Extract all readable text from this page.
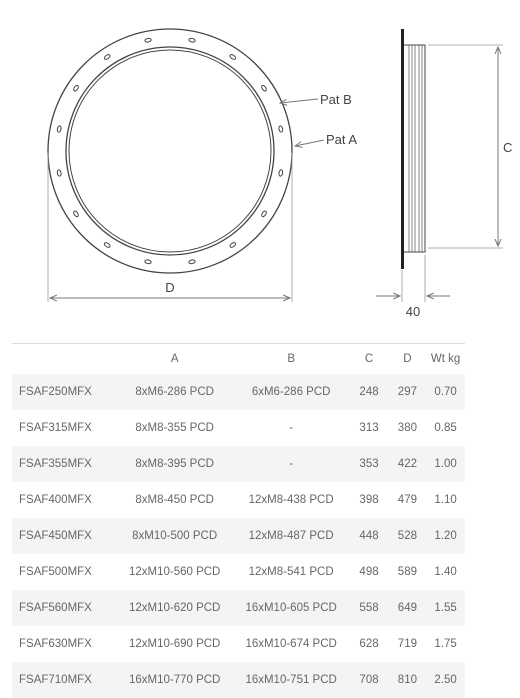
Pat B
Pat A
D
C
40
	A	B	C	D	Wt kg
FSAF250MFX	8xM6-286 PCD	6xM6-286 PCD	248	297	0.70
FSAF315MFX	8xM8-355 PCD	-	313	380	0.85
FSAF355MFX	8xM8-395 PCD	-	353	422	1.00
FSAF400MFX	8xM8-450 PCD	12xM8-438 PCD	398	479	1.10
FSAF450MFX	8xM10-500 PCD	12xM8-487 PCD	448	528	1.20
FSAF500MFX	12xM10-560 PCD	12xM8-541 PCD	498	589	1.40
FSAF560MFX	12xM10-620 PCD	16xM10-605 PCD	558	649	1.55
FSAF630MFX	12xM10-690 PCD	16xM10-674 PCD	628	719	1.75
FSAF710MFX	16xM10-770 PCD	16xM10-751 PCD	708	810	2.50
